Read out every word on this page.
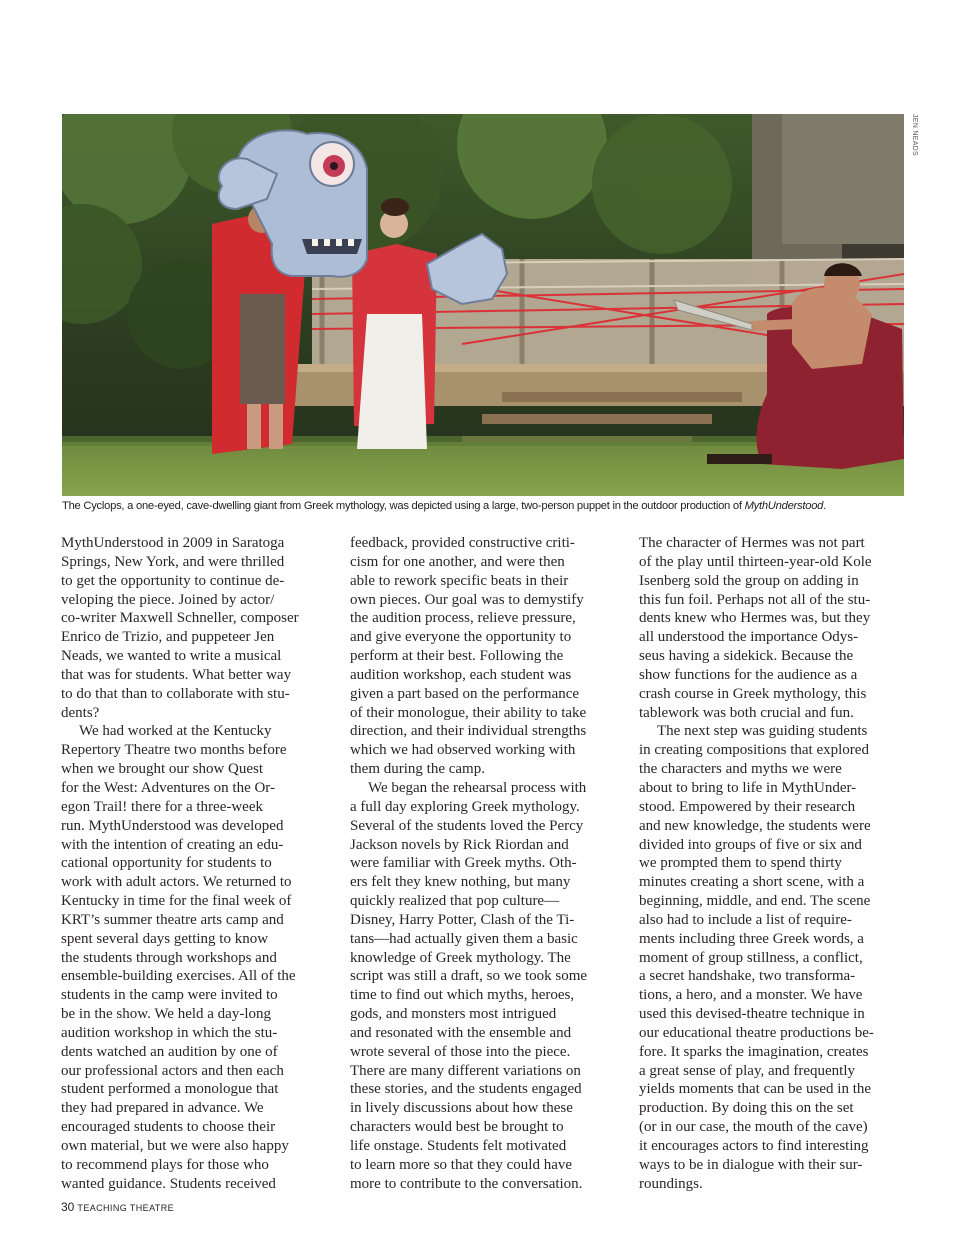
JEN NEADS
The Cyclops, a one-eyed, cave-dwelling giant from Greek mythology, was depicted using a large, two-person puppet in the outdoor production of MythUnderstood.

MythUnderstood in 2009 in Saratoga
Springs, New York, and were thrilled
to get the opportunity to continue de-
veloping the piece. Joined by actor/
co-writer Maxwell Schneller, composer
Enrico de Trizio, and puppeteer Jen
Neads, we wanted to write a musical
that was for students. What better way
to do that than to collaborate with stu-
dents?

We had worked at the Kentucky
Repertory Theatre two months before
when we brought our show Quest
for the West: Adventures on the Or-
egon Trail! there for a three-week
run. MythUnderstood was developed
with the intention of creating an edu-
cational opportunity for students to
work with adult actors. We returned to
Kentucky in time for the final week of
KRT’s summer theatre arts camp and
spent several days getting to know
the students through workshops and
ensemble-building exercises. All of the
students in the camp were invited to
be in the show. We held a day-long
audition workshop in which the stu-
dents watched an audition by one of
our professional actors and then each
student performed a monologue that
they had prepared in advance. We
encouraged students to choose their
own material, but we were also happy
to recommend plays for those who
wanted guidance. Students received

feedback, provided constructive criti-
cism for one another, and were then
able to rework specific beats in their
own pieces. Our goal was to demystify
the audition process, relieve pressure,
and give everyone the opportunity to
perform at their best. Following the
audition workshop, each student was
given a part based on the performance
of their monologue, their ability to take
direction, and their individual strengths
which we had observed working with
them during the camp.

We began the rehearsal process with
a full day exploring Greek mythology.
Several of the students loved the Percy
Jackson novels by Rick Riordan and
were familiar with Greek myths. Oth-
ers felt they knew nothing, but many
quickly realized that pop culture—
Disney, Harry Potter, Clash of the Ti-
tans—had actually given them a basic
knowledge of Greek mythology. The
script was still a draft, so we took some
time to find out which myths, heroes,
gods, and monsters most intrigued
and resonated with the ensemble and
wrote several of those into the piece.
There are many different variations on
these stories, and the students engaged
in lively discussions about how these
characters would best be brought to
life onstage. Students felt motivated
to learn more so that they could have
more to contribute to the conversation.

The character of Hermes was not part
of the play until thirteen-year-old Kole
Isenberg sold the group on adding in
this fun foil. Perhaps not all of the stu-
dents knew who Hermes was, but they
all understood the importance Odys-
seus having a sidekick. Because the
show functions for the audience as a
crash course in Greek mythology, this
tablework was both crucial and fun.

The next step was guiding students
in creating compositions that explored
the characters and myths we were
about to bring to life in MythUnder-
stood. Empowered by their research
and new knowledge, the students were
divided into groups of five or six and
we prompted them to spend thirty
minutes creating a short scene, with a
beginning, middle, and end. The scene
also had to include a list of require-
ments including three Greek words, a
moment of group stillness, a conflict,
a secret handshake, two transforma-
tions, a hero, and a monster. We have
used this devised-theatre technique in
our educational theatre productions be-
fore. It sparks the imagination, creates
a great sense of play, and frequently
yields moments that can be used in the
production. By doing this on the set
(or in our case, the mouth of the cave)
it encourages actors to find interesting
ways to be in dialogue with their sur-
roundings.

30 TEACHING THEATRE
